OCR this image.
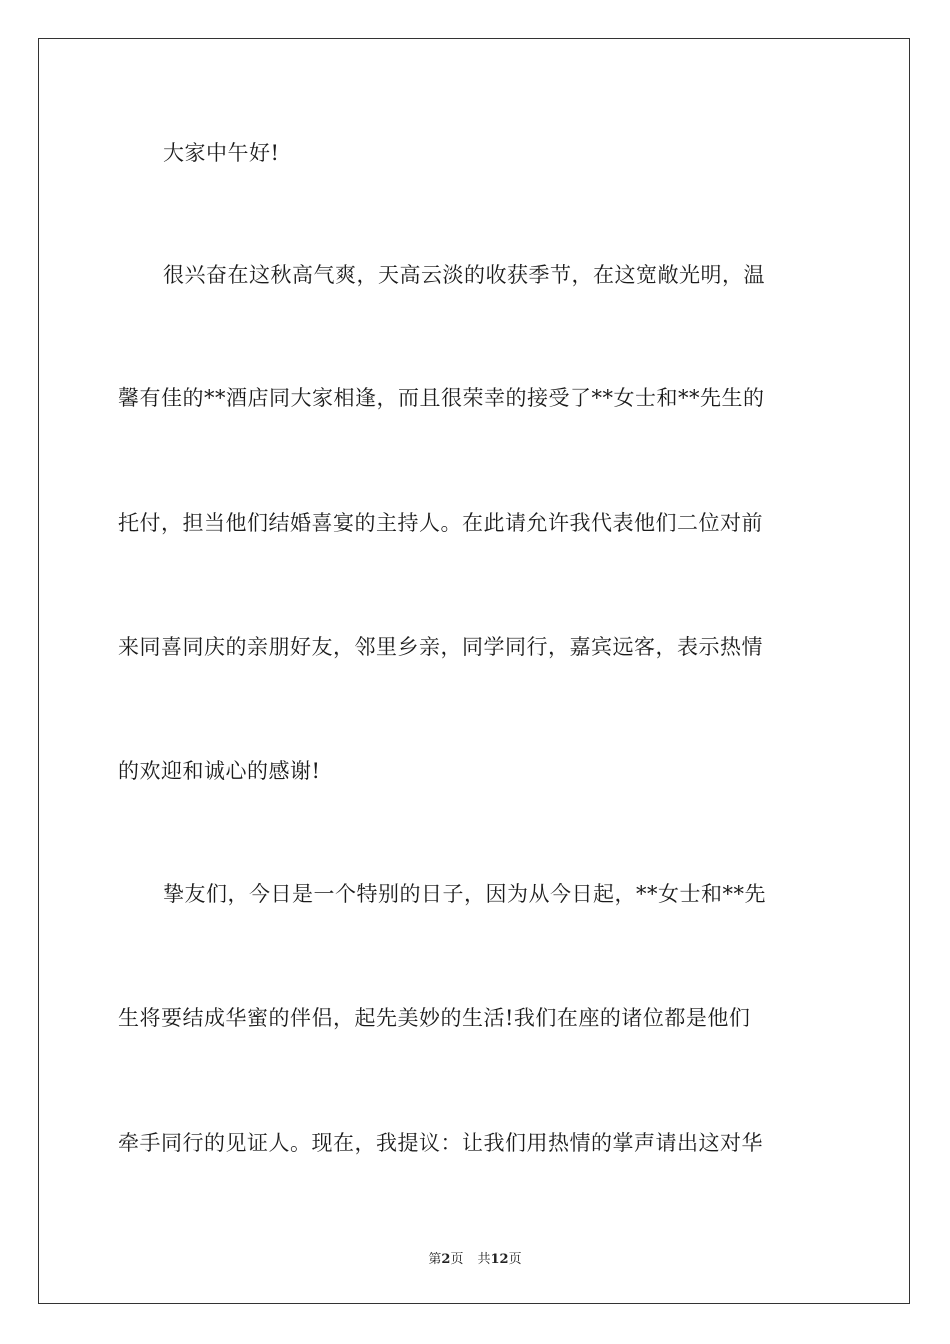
大家中午好!
很兴奋在这秋高气爽，天高云淡的收获季节，在这宽敞光明，温
馨有佳的**酒店同大家相逢，而且很荣幸的接受了**女士和**先生的
托付，担当他们结婚喜宴的主持人。在此请允许我代表他们二位对前
来同喜同庆的亲朋好友，邻里乡亲，同学同行，嘉宾远客，表示热情
的欢迎和诚心的感谢!
挚友们，今日是一个特别的日子，因为从今日起，**女士和**先
生将要结成华蜜的伴侣，起先美妙的生活!我们在座的诸位都是他们
牵手同行的见证人。现在，我提议：让我们用热情的掌声请出这对华
第2页 共12页
